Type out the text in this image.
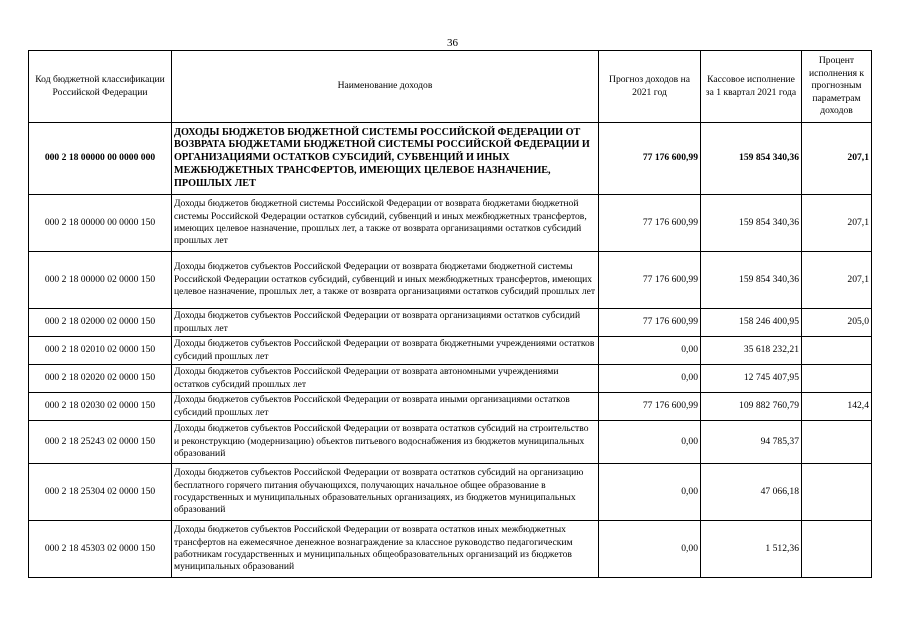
36
Код бюджетной классификации Российской Федерации	Наименование доходов	Прогноз доходов на 2021 год	Кассовое исполнение за 1 квартал 2021 года	Процент исполнения к прогнозным параметрам доходов
000 2 18 00000 00 0000 000	ДОХОДЫ БЮДЖЕТОВ БЮДЖЕТНОЙ СИСТЕМЫ РОССИЙСКОЙ ФЕДЕРАЦИИ ОТ ВОЗВРАТА БЮДЖЕТАМИ БЮДЖЕТНОЙ СИСТЕМЫ РОССИЙСКОЙ ФЕДЕРАЦИИ И ОРГАНИЗАЦИЯМИ ОСТАТКОВ СУБСИДИЙ, СУБВЕНЦИЙ И ИНЫХ МЕЖБЮДЖЕТНЫХ ТРАНСФЕРТОВ, ИМЕЮЩИХ ЦЕЛЕВОЕ НАЗНАЧЕНИЕ, ПРОШЛЫХ ЛЕТ	77 176 600,99	159 854 340,36	207,1
000 2 18 00000 00 0000 150	Доходы бюджетов бюджетной системы Российской Федерации от возврата бюджетами бюджетной системы Российской Федерации остатков субсидий, субвенций и иных межбюджетных трансфертов, имеющих целевое назначение, прошлых лет, а также от возврата организациями остатков субсидий прошлых лет	77 176 600,99	159 854 340,36	207,1
000 2 18 00000 02 0000 150	Доходы бюджетов субъектов Российской Федерации от возврата бюджетами бюджетной системы Российской Федерации остатков субсидий, субвенций и иных межбюджетных трансфертов, имеющих целевое назначение, прошлых лет, а также от возврата организациями остатков субсидий прошлых лет	77 176 600,99	159 854 340,36	207,1
000 2 18 02000 02 0000 150	Доходы бюджетов субъектов Российской Федерации от возврата организациями остатков субсидий прошлых лет	77 176 600,99	158 246 400,95	205,0
000 2 18 02010 02 0000 150	Доходы бюджетов субъектов Российской Федерации от возврата бюджетными учреждениями остатков субсидий прошлых лет	0,00	35 618 232,21	
000 2 18 02020 02 0000 150	Доходы бюджетов субъектов Российской Федерации от возврата автономными учреждениями остатков субсидий прошлых лет	0,00	12 745 407,95	
000 2 18 02030 02 0000 150	Доходы бюджетов субъектов Российской Федерации от возврата иными организациями остатков субсидий прошлых лет	77 176 600,99	109 882 760,79	142,4
000 2 18 25243 02 0000 150	Доходы бюджетов субъектов Российской Федерации от возврата остатков субсидий на строительство и реконструкцию (модернизацию) объектов питьевого водоснабжения из бюджетов муниципальных образований	0,00	94 785,37	
000 2 18 25304 02 0000 150	Доходы бюджетов субъектов Российской Федерации от возврата остатков субсидий на организацию бесплатного горячего питания обучающихся, получающих начальное общее образование в государственных и муниципальных образовательных организациях, из бюджетов муниципальных образований	0,00	47 066,18	
000 2 18 45303 02 0000 150	Доходы бюджетов субъектов Российской Федерации от возврата остатков иных межбюджетных трансфертов на ежемесячное денежное вознаграждение за классное руководство педагогическим работникам государственных и муниципальных общеобразовательных организаций из бюджетов муниципальных образований	0,00	1 512,36	
